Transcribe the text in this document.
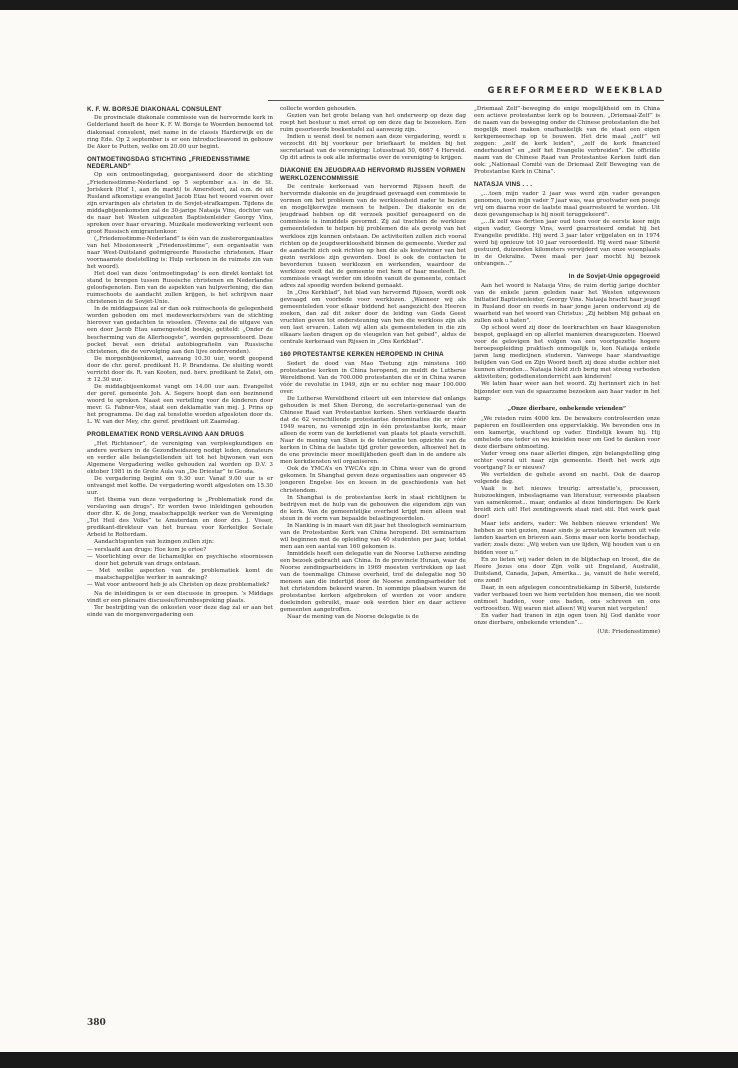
GEREFORMEERD WEEKBLAD
K. F. W. BORSJE DIAKONAAL CONSULENT

De provinciale diakonale commissie van de hervormde kerk in Gelderland heeft de heer K. F. W. Borsje te Woerden benoemd tot diakonaal consulent, met name in de classis Harderwijk en de ring Ede. Op 2 september is er een introductieavond in gebouw De Aker te Putten, welke om 20.00 uur begint.

ONTMOETINGSDAG STICHTING „FRIEDENSSTIMME NEDERLAND”

Op een ontmoetingsdag, georganiseerd door de stichting „Friedensstimme-Nederland op 5 september a.s. in de St. Joriskerk (Hof 1, aan de markt) te Amersfoort, zal o.m. de uit Rusland afkomstige evangelist Jacob Etau het woord voeren over zijn ervaringen als christen in de Sovjet-strafkampen. Tijdens de middagbijeenkomsten zal de 30-jarige Natasja Vins, dochter van de naar het Westen uitgezeten Baptistenleider Georgy Vins, spreken over haar ervaring. Muzikale medewerking verleent een groot Russisch emigrantenkoor.

(„Friedensstimme-Nederland” is één van de zusterorganisaties van het Missionswerk „Friedensstimme”, een organisatie van naar West-Duitsland geëmigreerde Russische christenen. Haar voornaamste doelstelling is: Hulp verlenen in de ruimste zin van het woord).

Het doel van deze ‘ontmoetingsdag’ is een direkt kontakt tot stand te brengen tussen Russische christenen en Nederlandse geloofsgenoten. Een van de aspekten van hulpverlening, die dan ruimschoots de aandacht zullen krijgen, is het schrijven naar christenen in de Sovjet-Unie.

In de middagpauze zal er dan ook ruimschoots de gelegenheid worden geboden om met medewerkers/sters van de stichting hierover van gedachten te wisselen. (Tevens zal de uitgave van een door Jacob Etau samengesteld boekje, getiteld: „Onder de bescherming van de Allerhoogste”, worden gepresenteerd. Deze pocket bevat een drietal autobiografieën van Russische christenen, die de vervolging aan den lijve ondervonden).

De morgenbijeenkomst, aanvang 10.30 uur, wordt geopend door de chr. geref. predikant H. P. Brandsma. De sluiting wordt verricht door ds. R. van Kooten, ned. herv. predikant te Zeist, om ± 12.30 uur.

De middagbijeenkomst vangt om 14.00 uur aan. Evangelist der geref. gemeente Joh. A. Segers hoopt dan een bezinnend woord te spreken. Naast een vertelling voor de kinderen door mevr. G. Fabner-Vos, staat een deklamatie van mej. J. Prins op het programma. De dag zal tenslotte worden afgesloten door ds. L. W. van der Mey, chr. geref. predikant uit Zaamslag.

PROBLEMATIEK ROND VERSLAVING AAN DRUGS

„Het Richtsnoer”, de vereniging van verpleegkundigen en andere werkers in de Gezondheidszorg nodigt leden, donateurs en verder alle belangstellenden uit tot het bijwonen van een Algemene Vergadering welke gehouden zal worden op D.V. 3 oktober 1981 in de Grote Aula van „De Driestar” te Gouda.

De vergadering begint om 9.30 uur. Vanaf 9.00 uur is er ontvangst met koffie. De vergadering wordt afgesloten om 15.30 uur.

Het thema van deze vergadering is „Problematiek rond de verslaving aan drugs”. Er worden twee inleidingen gehouden door dhr. K. de Jong, maatschappelijk werker van de Vereniging „Tot Heil des Volks” te Amsterdam en door drs. J. Visser, predikant-direkteur van het bureau voor Kerkelijke Sociale Arbeid te Rotterdam.

Aandachtspunten van lezingen zullen zijn:

— verslaafd aan drugs: Hoe kom je ertoe?
— Voorlichting over de lichamelijke en psychische stoornissen door het gebruik van drugs ontstaan.
— Met welke aspecten van de problematiek komt de maatschappelijke werker in aanraking?
— Wat voor antwoord heb je als Christen op deze problematiek?

Na de inleidingen is er een discussie in groepen. ’s Middags vindt er een plenaire discussie/forumbespreking plaats.

Ter bestrijding van de onkosten voor deze dag zal er aan het einde van de morgenvergadering een

collecte worden gehouden.

Gezien van het grote belang van het onderwerp op deze dag roept het bestuur u met ernst op om deze dag te bezoeken. Een ruim gesorteerde boekentafel zal aanwezig zijn.

Indien u wenst deel te nemen aan deze vergadering, wordt u verzocht dit bij voorkeur per briefkaart te melden bij het secretariaat van de vereniging: Lotusstraat 50, 6667 4 Herveld. Op dit adres is ook alle informatie over de vereniging te krijgen.

DIAKONIE EN JEUGDRAAD HERVORMD RIJSSEN VORMEN WERKLOZENCOMMISSIE

De centrale kerkeraad van hervormd Rijssen heeft de hervormde diakonie en de jeugdraad gevraagd een commissie te vormen om het probleem van de werkloosheid nader te bezien en mogelijkerwijze mensen te helpen. De diakonie en de jeugdraad hebben op dit verzoek positief gereageerd en de commissie is inmiddels gevormd. Zij zal trachten de werkloze gemeenteleden te helpen bij problemen die als gevolg van het werkloos zijn kunnen ontstaan. De activiteiten zullen zich vooral richten op de jeugdwerkloosheid binnen de gemeente. Verder zal de aandacht zich ook richten op hen die als kostwinner van het gezin werkloos zijn geworden. Doel is ook de contacten te bevorderen tussen werklozen en werkenden, waardoor de werkloze voelt dat de gemeente met hem of haar meeleeft. De commissie vraagt verder om ideeën vanuit de gemeente, contact adres zal spoedig worden bekend gemaakt.

In „Ons Kerkblad”, het blad van hervormd Rijssen, wordt ook gevraagd om voorbede voor werklozen. „Wanneer wij als gemeenteleden voor elkaar biddend het aangezicht des Heeren zoeken, dan zal dit zeker door de leiding van Gods Geest vruchten geven tot ondersteuning van hen die werkloos zijn als een last ervaren. Laten wij allen als gemeenteleden in die zin elkaars lasten dragen op de vleugelen van het gebed”, aldus de centrale kerkeraad van Rijssen in „Ons Kerkblad”.

160 PROTESTANTSE KERKEN HEROPEND IN CHINA

Sedert de dood van Mao Tsetung zijn minstens 160 protestantse kerken in China heropend, zo meldt de Lutherse Wereldbond. Van de 700.000 protestanten die er in China waren vóór de revolutie in 1949, zijn er nu echter nog maar 100.000 over.

De Lutherse Wereldbond citeert uit een interview dat onlangs gehouden is met Shen Derong, de secretaris-generaal van de Chinese Raad van Protestantse kerken. Shen verklaarde daarin dat de 62 verschillende protestantse denominaties die er vóór 1949 waren, nu verenigd zijn in één protestantse kerk, maar alleen de vorm van de kerkdienst van plaats tot plaats verschilt. Naar de mening van Shen is de tolerantie ten opzichte van de kerken in China de laatste tijd groter geworden, alhoewel het in de ene provincie meer moeilijkheden geeft dan in de andere als men kerkdiensten wil organiseren.

Ook de YMCA’s en YWCA’s zijn in China weer van de grond gekomen. In Shanghai geven deze organisaties aan ongeveer 45 jongeren Engelse les en lessen in de geschiedenis van het christendom.

In Shanghai is de protestantse kerk in staat richtlijnen te bedrijven met de hulp van de gebouwen die eigendom zijn van de kerk. Van de gemeentelijke overheid krijgt men alleen wat steun in de vorm van bepaalde belastingvoordelen.

In Nanking is in maart van dit jaar het theologisch seminarium van de Protestantse Kerk van China heropend. Dit seminarium wil beginnen met de opleiding van 40 studenten per jaar, totdat men aan een aantal van 160 gekomen is.

Inmiddels heeft een delegatie van de Noorse Lutherse zending een bezoek gebracht aan China. In de provincie Hunan, waar de Noorse zendingsarbeiders in 1969 moesten vertrekken op last van de toenmalige Chinese overheid, trof de delegatie nog 50 mensen aan die indertijd door de Noorse zendingsarbeider tot het christendom bekeerd waren. In sommige plaatsen waren de protestantse kerken afgebroken of werden ze voor andere doeleinden gebruikt, maar ook werden hier en daar actieve gemeenten aangetroffen.

Naar de mening van de Noorse delegatie is de

„Driemaal Zelf”-beweging de enige mogelijkheid om in China een actieve protestantse kerk op te bouwen. „Driemaal-Zelf” is de naam van de beweging onder de Chinese protestanten die het mogelijk moet maken onafhankelijk van de staat een eigen kerkgemeenschap op te bouwen. Het drie maal „zelf” wil zeggen: „zelf de kerk leiden”, „zelf de kerk financieel onderhouden” en „zelf het Evangelie verbreiden”. De officiële naam van de Chinese Raad van Protestantse Kerken luidt dan ook: „Nationaal Comité van de Driemaal Zelf Beweging van de Protestantse Kerk in China”.

NATASJA VINS . . .

„...toen mijn vader 2 jaar was werd zijn vader gevangen genomen, toen mijn vader 7 jaar was, was grootvader een poosje vrij om daarna voor de laatste maal gearresteerd te worden. Uit deze gevangenschap is hij nooit teruggekeerd”.

„...Ik zelf was dertien jaar oud toen voor de eerste keer mijn eigen vader, Georgy Vins, werd gearresteerd omdat hij het Evangelie predikte. Hij werd 3 jaar later vrijgelaten en in 1974 werd hij opnieuw tot 10 jaar veroordeeld. Hij werd naar Siberië gestuurd, duizenden kilometers verwijderd van onze woonplaats in de Oekraïne. Twee maal per jaar mocht hij bezoek ontvangen...”

In de Sovjet-Unie opgegroeid

Aan het woord is Natasja Vins, de ruim dertig jarige dochter van de enkele jaren geleden naar het Westen uitgewezen Initiatief Baptistenleider, Georgy Vins. Natasja bracht haar jeugd in Rusland door en reeds in haar jonge jaren ondervond zij de waarheid van het woord van Christus: „Zij hebben Mij gehaat en zullen ook u haten”.

Op school werd zij door de leerkrachten en haar klasgenoten bespot, geplaagd en op allerlei manieren dwarsgezeten. Hoewel voor de gelovigen het volgen van een voortgezette hogere beroepsopleiding praktisch onmogelijk is, kon Natasja enkele jaren lang medicijnen studeren. Vanwege haar standvastige belijden van God en Zijn Woord heeft zij deze studie echter niet kunnen afronden... Natasja hield zich berig met streng verboden aktiviteiten; godsdienstonderricht aan kinderen!

We laten haar weer aan het woord. Zij herinnert zich in het bijzonder een van de spaarzame bezoeken aan haar vader in het kamp:

„Onze dierbare, onbekende vrienden”

„We reisden ruim 4000 km. De bewakers controleerden onze papieren en fouilleerden ons oppervlakkig. We bevonden ons in een kamertje, wachtend op vader. Eindelijk kwam hij. Hij omhelsde ons teder en we knielden neer om God te danken voor deze dierbare ontmoeting.

Vader vroeg ons naar allerlei dingen, zijn belangstelling ging echter vooral uit naar zijn gemeente. Heeft het werk zijn voortgang? Is er nieuws?

We vertelden de gehele avond en nacht. Ook de daarop volgende dag.

Vaak is het nieuws treurig: arrestatie’s, processen, huiszoekingen, inbeslagname van literatuur, verwoeste plaatsen van samenkomst... maar, ondanks al deze hinderingen: De Kerk breidt zich uit! Het zendingswerk staat niet stil. Het werk gaat door!

Maar iets anders, vader: We hebben nieuwe vrienden! We hebben ze niet gezien, maar sinds je arrestatie kwamen uit vele landen kaarten en brieven aan. Soms maar een korte boodschap, vader; zoals deze: „Wij weten van uw lijden, Wij houden van u en bidden voor u.”

En zo lieten wij vader delen in de blijdschap en troost, die de Heere Jezus ons door Zijn volk uit Engeland, Australië, Duitsland, Canada, Japan, Amerika... ja, vanuit de hele wereld, ons zond!

Daar, in een afgelegen concentratiekamp in Siberië, luisterde vader verbaasd toen we hem vertelden hoe mensen, die we nooit ontmoet hadden, voor ons baden, ons schreven en ons vertroostten. Wij waren niet alleen! Wij waren niet vergeten!

En vader had tranen in zijn ogen toen hij God dankte voor onze dierbare, onbekende vrienden”...

(Uit: Friedensstimme)

380
